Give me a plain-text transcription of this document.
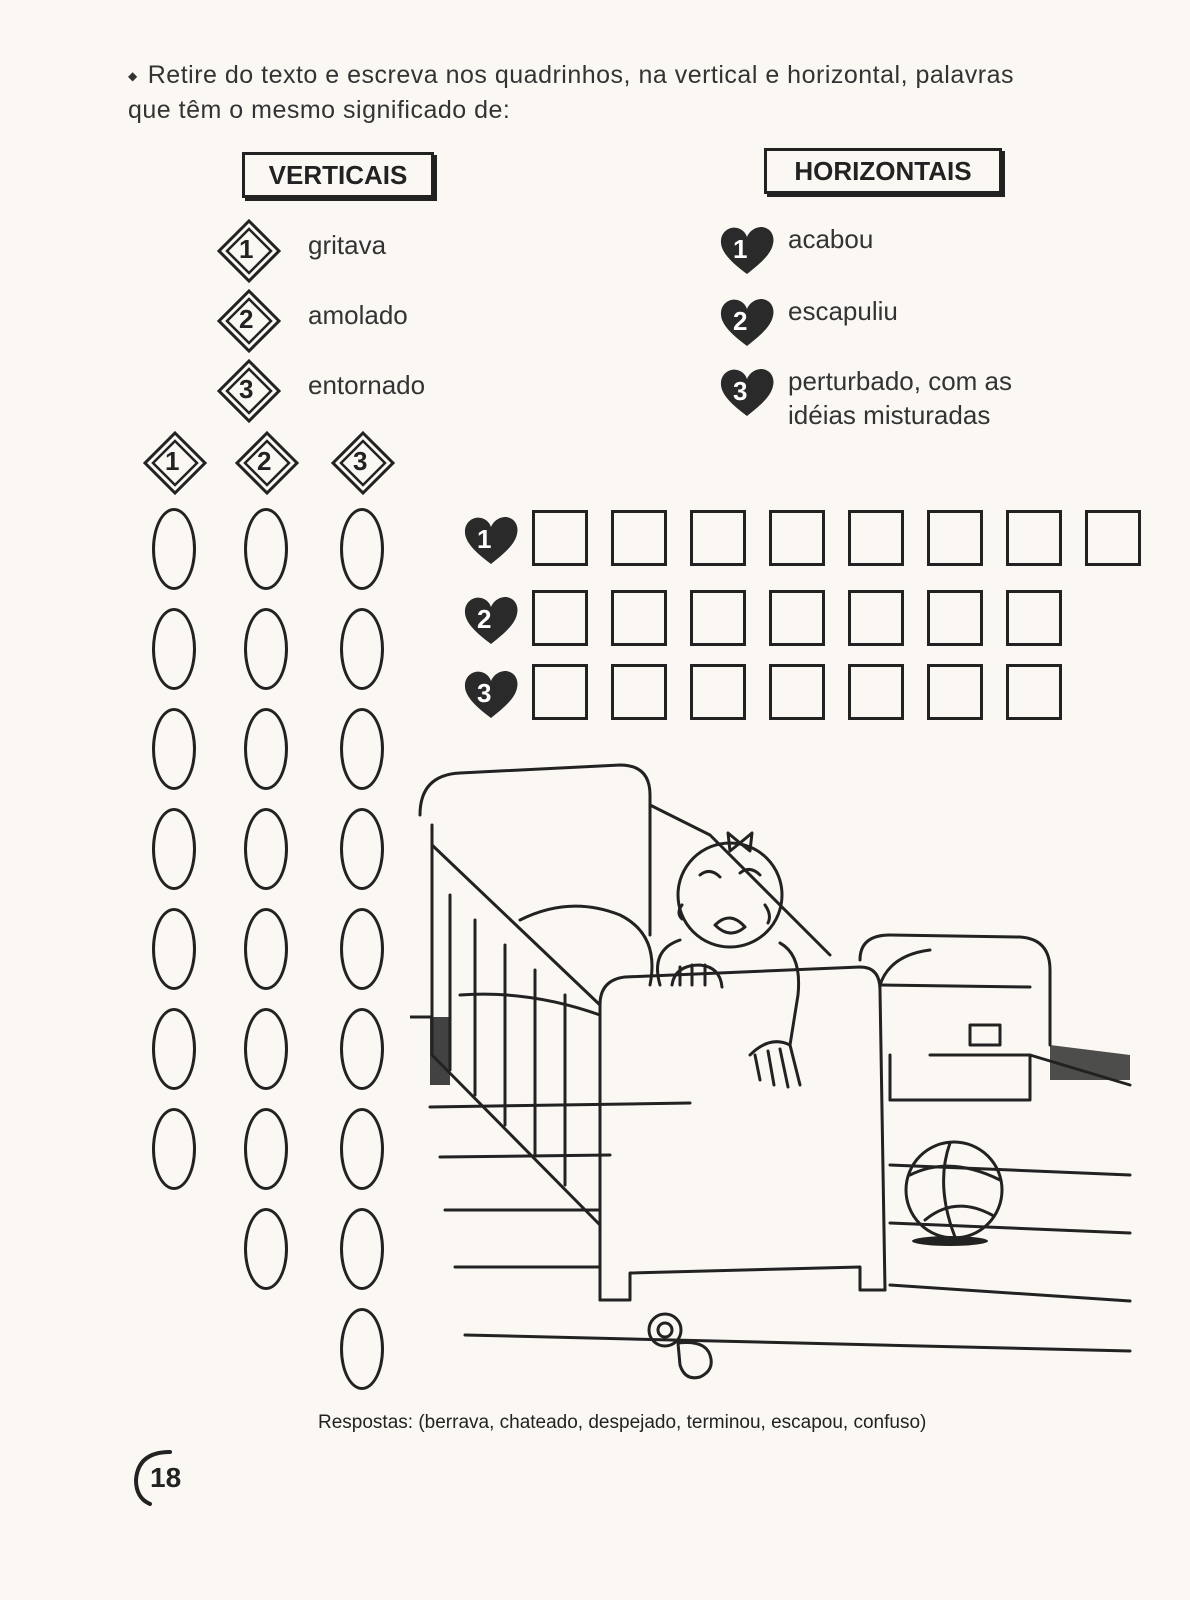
◆ Retire do texto e escreva nos quadrinhos, na vertical e horizontal, palavras
que têm o mesmo significado de:
VERTICAIS	HORIZONTAIS
1 gritava
2 amolado
3 entornado
1 acabou
2 escapuliu
3 perturbado, com as
idéias misturadas
1	2	3
1
2
3
Respostas: (berrava, chateado, despejado, terminou, escapou, confuso)
18
